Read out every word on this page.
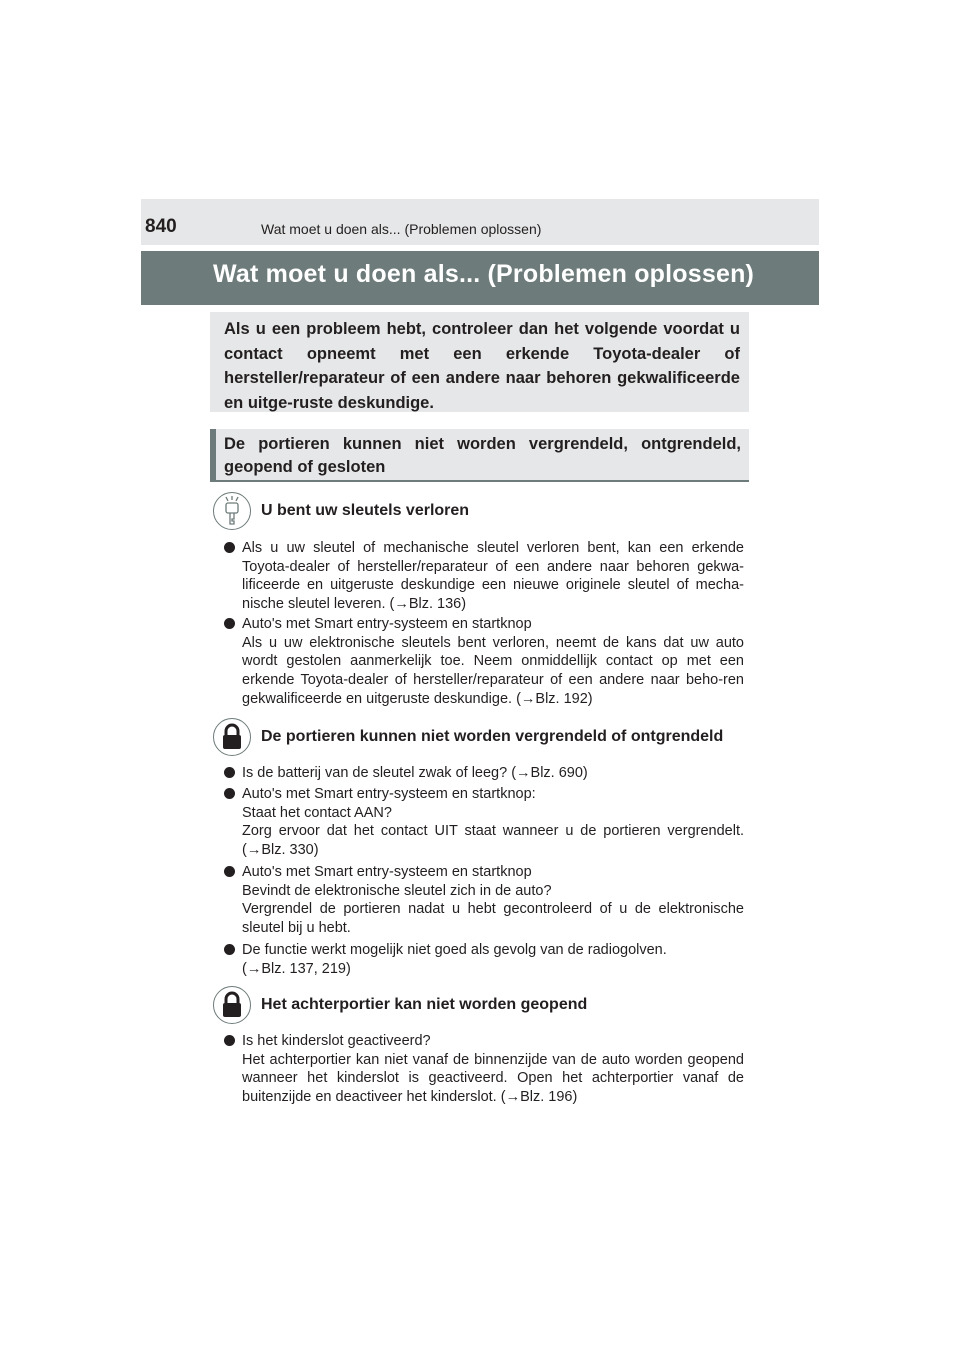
840	Wat moet u doen als... (Problemen oplossen)
Wat moet u doen als... (Problemen oplossen)
Als u een probleem hebt, controleer dan het volgende voordat u contact opneemt met een erkende Toyota-dealer of hersteller/reparateur of een andere naar behoren gekwalificeerde en uitge-ruste deskundige.
De portieren kunnen niet worden vergrendeld, ontgrendeld, geopend of gesloten
U bent uw sleutels verloren
Als u uw sleutel of mechanische sleutel verloren bent, kan een erkende Toyota-dealer of hersteller/reparateur of een andere naar behoren gekwa-lificeerde en uitgeruste deskundige een nieuwe originele sleutel of mecha-nische sleutel leveren. (→Blz. 136)
Auto's met Smart entry-systeem en startknop
Als u uw elektronische sleutels bent verloren, neemt de kans dat uw auto wordt gestolen aanmerkelijk toe. Neem onmiddellijk contact op met een erkende Toyota-dealer of hersteller/reparateur of een andere naar beho-ren gekwalificeerde en uitgeruste deskundige. (→Blz. 192)
De portieren kunnen niet worden vergrendeld of ontgrendeld
Is de batterij van de sleutel zwak of leeg? (→Blz. 690)
Auto's met Smart entry-systeem en startknop:
Staat het contact AAN?
Zorg ervoor dat het contact UIT staat wanneer u de portieren vergrendelt. (→Blz. 330)
Auto's met Smart entry-systeem en startknop
Bevindt de elektronische sleutel zich in de auto?
Vergrendel de portieren nadat u hebt gecontroleerd of u de elektronische sleutel bij u hebt.
De functie werkt mogelijk niet goed als gevolg van de radiogolven.
(→Blz. 137, 219)
Het achterportier kan niet worden geopend
Is het kinderslot geactiveerd?
Het achterportier kan niet vanaf de binnenzijde van de auto worden geopend wanneer het kinderslot is geactiveerd. Open het achterportier vanaf de buitenzijde en deactiveer het kinderslot. (→Blz. 196)
